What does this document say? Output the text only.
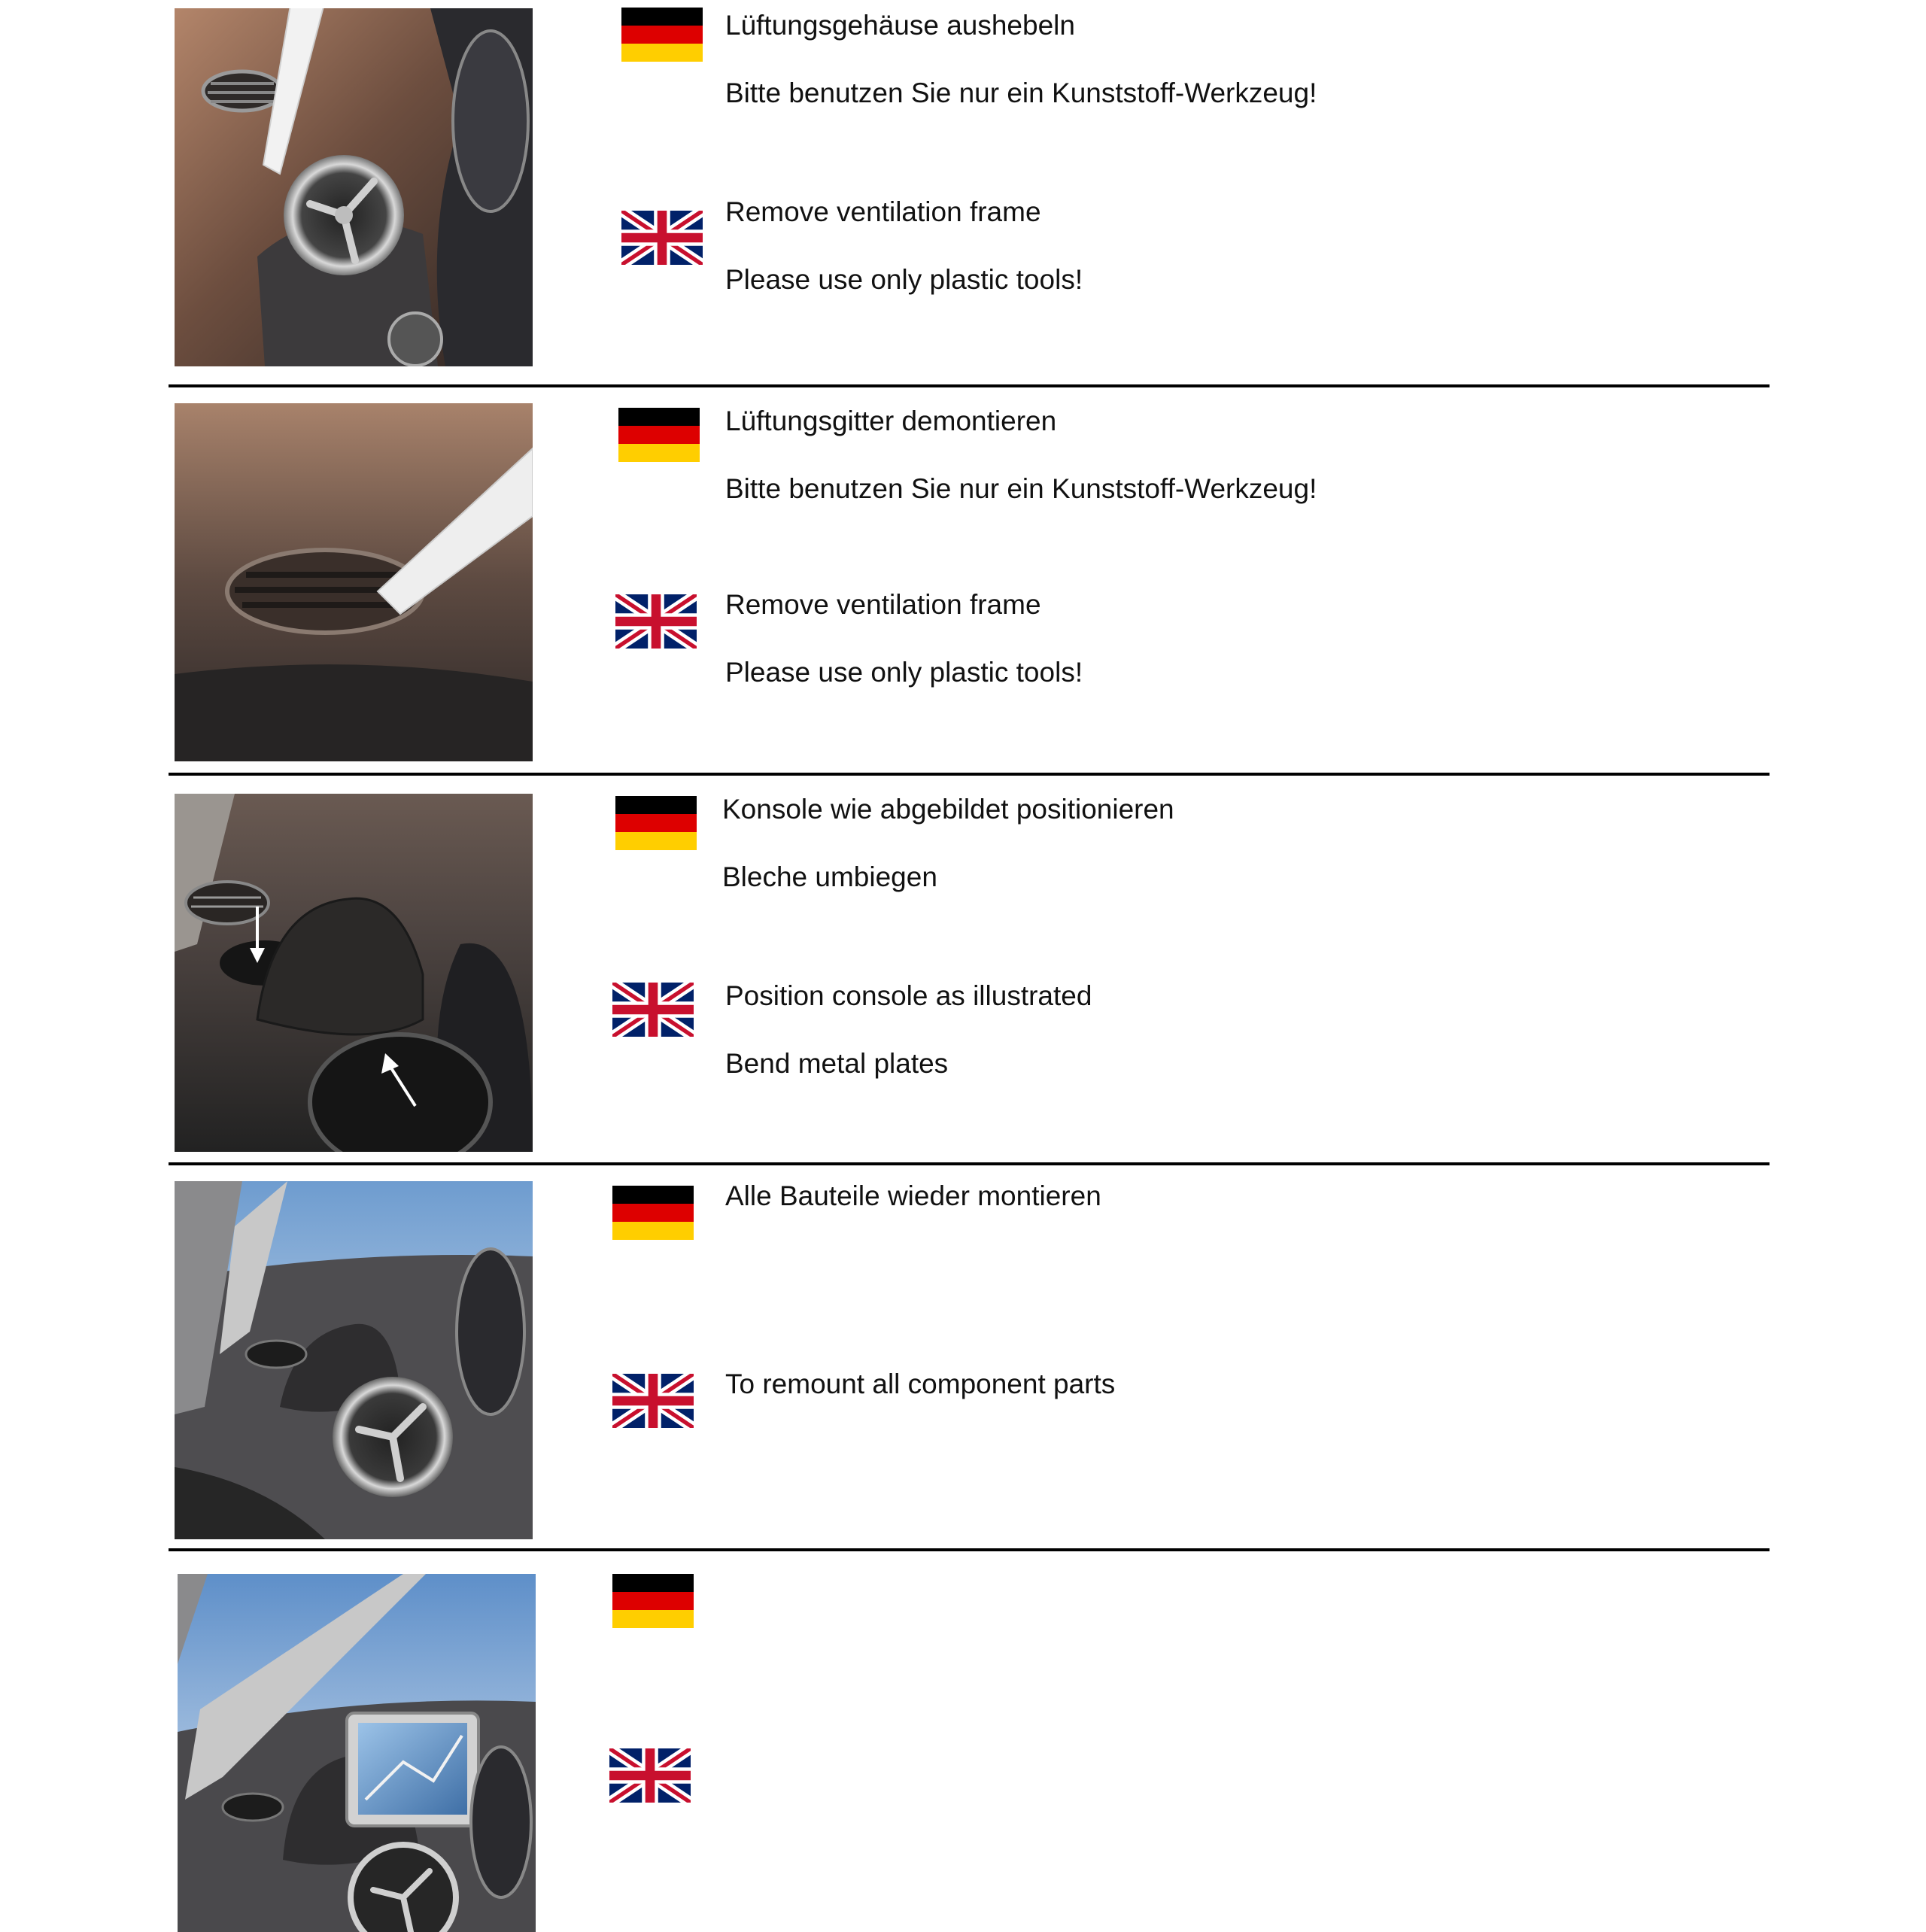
Lüftungsgehäuse aushebeln
Bitte benutzen Sie nur ein Kunststoff-Werkzeug!
Remove ventilation frame
Please use only plastic tools!
Lüftungsgitter demontieren
Bitte benutzen Sie nur ein Kunststoff-Werkzeug!
Remove ventilation frame
Please use only plastic tools!
Konsole wie abgebildet positionieren
Bleche umbiegen
Position console as illustrated
Bend metal plates
Alle Bauteile wieder montieren
To remount all component parts
